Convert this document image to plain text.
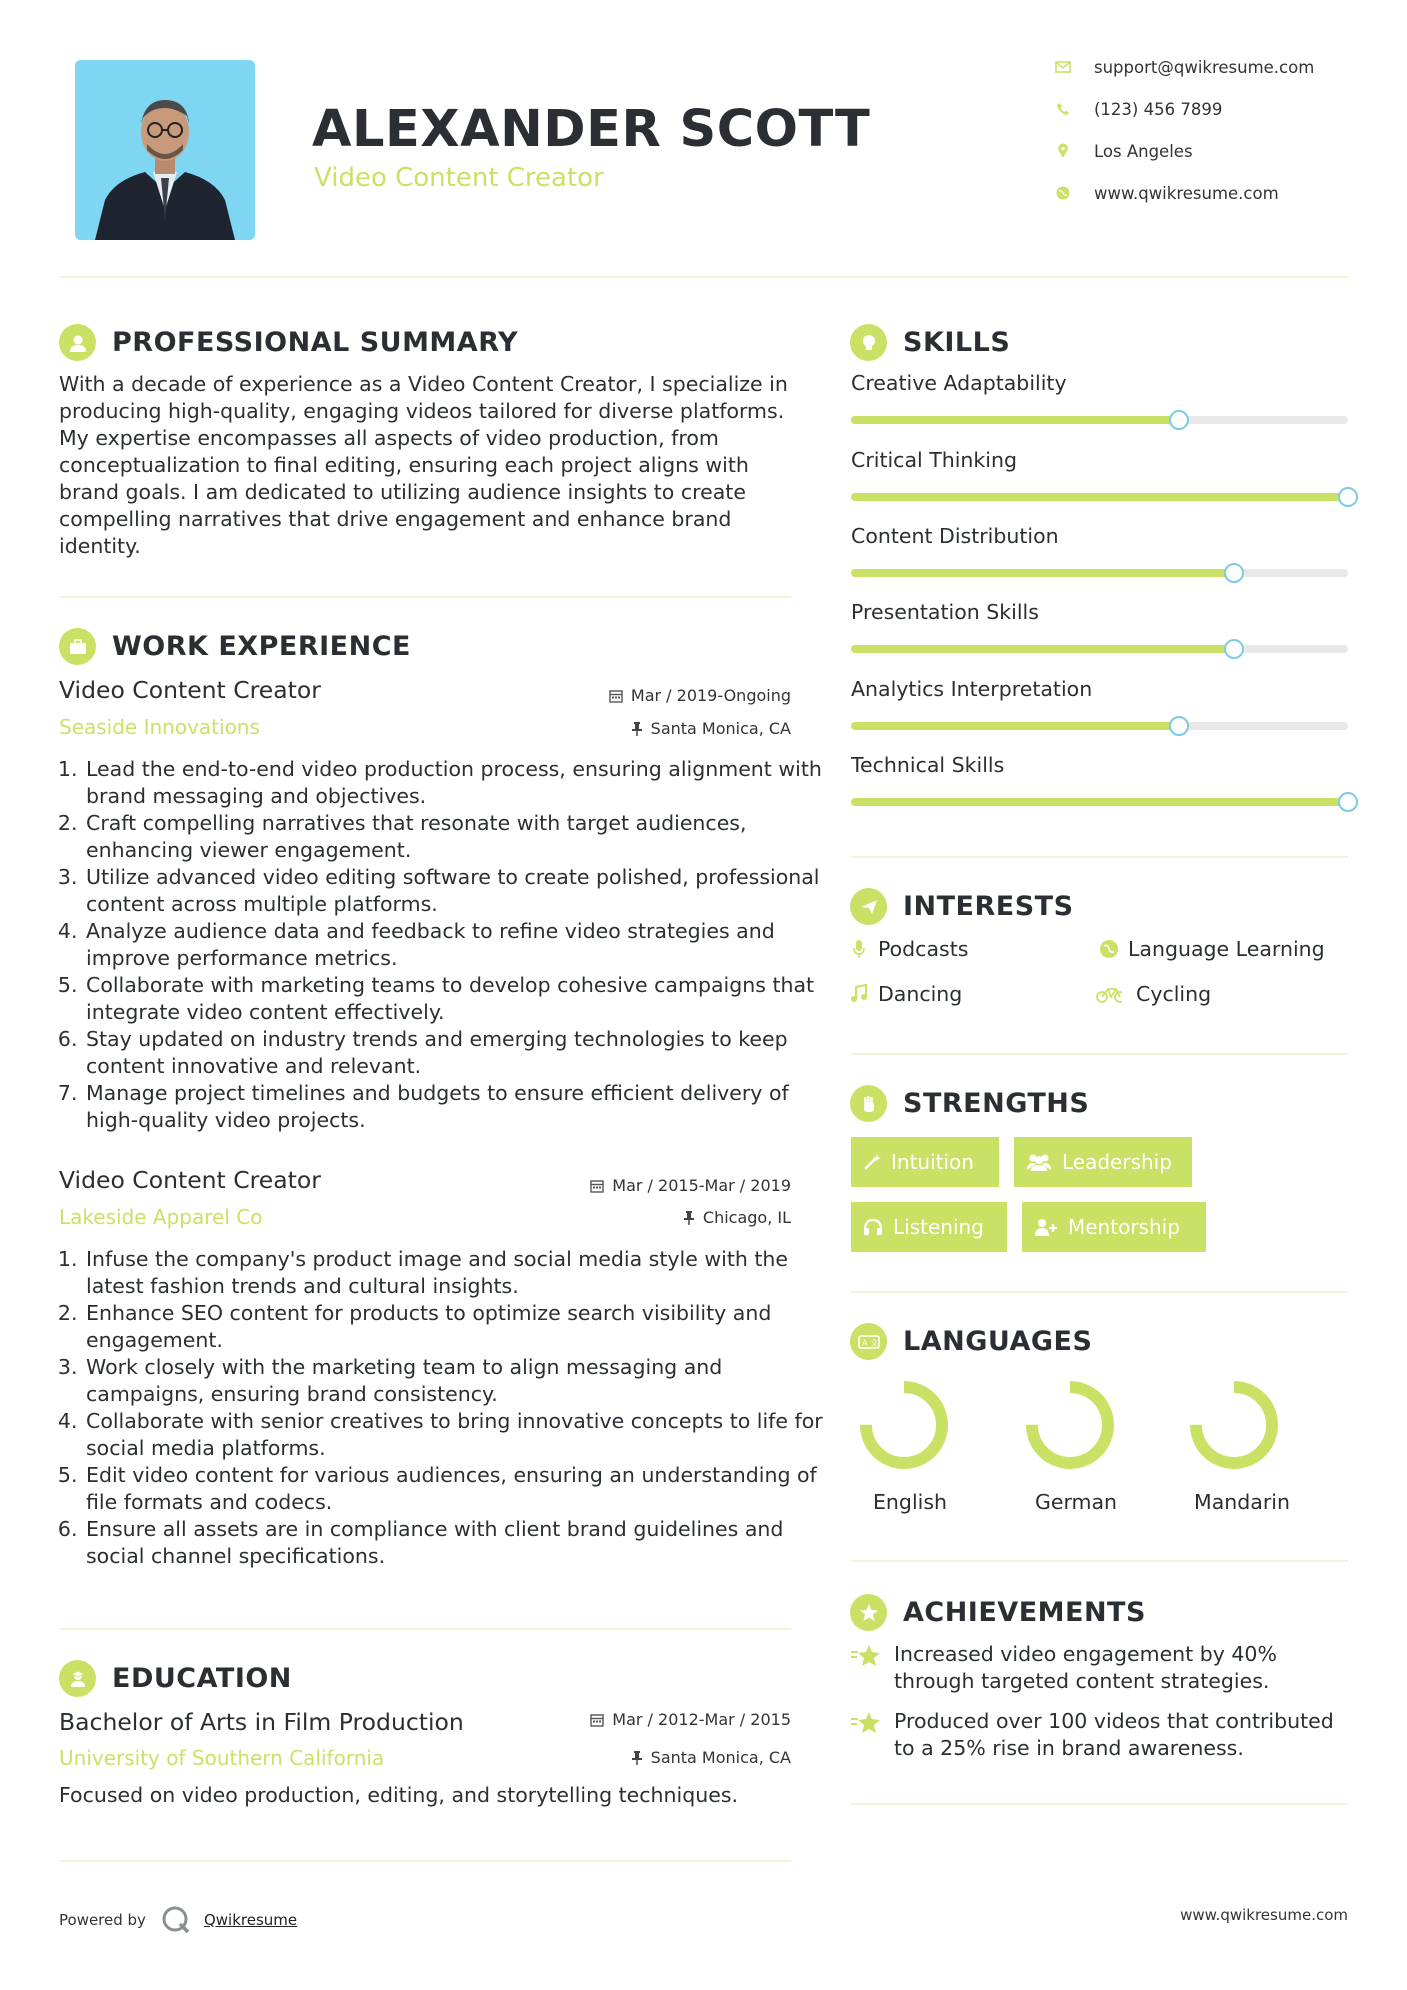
ALEXANDER SCOTT
Video Content Creator
support@qwikresume.com
(123) 456 7899
Los Angeles
www.qwikresume.com
PROFESSIONAL SUMMARY
With a decade of experience as a Video Content Creator, I specialize in producing high-quality, engaging videos tailored for diverse platforms. My expertise encompasses all aspects of video production, from conceptualization to final editing, ensuring each project aligns with brand goals. I am dedicated to utilizing audience insights to create compelling narratives that drive engagement and enhance brand identity.
WORK EXPERIENCE
Video Content Creator	Mar / 2019-Ongoing
Seaside Innovations	Santa Monica, CA
1. Lead the end-to-end video production process, ensuring alignment with brand messaging and objectives.
2. Craft compelling narratives that resonate with target audiences, enhancing viewer engagement.
3. Utilize advanced video editing software to create polished, professional content across multiple platforms.
4. Analyze audience data and feedback to refine video strategies and improve performance metrics.
5. Collaborate with marketing teams to develop cohesive campaigns that integrate video content effectively.
6. Stay updated on industry trends and emerging technologies to keep content innovative and relevant.
7. Manage project timelines and budgets to ensure efficient delivery of high-quality video projects.
Video Content Creator	Mar / 2015-Mar / 2019
Lakeside Apparel Co	Chicago, IL
1. Infuse the company's product image and social media style with the latest fashion trends and cultural insights.
2. Enhance SEO content for products to optimize search visibility and engagement.
3. Work closely with the marketing team to align messaging and campaigns, ensuring brand consistency.
4. Collaborate with senior creatives to bring innovative concepts to life for social media platforms.
5. Edit video content for various audiences, ensuring an understanding of file formats and codecs.
6. Ensure all assets are in compliance with client brand guidelines and social channel specifications.
EDUCATION
Bachelor of Arts in Film Production	Mar / 2012-Mar / 2015
University of Southern California	Santa Monica, CA
Focused on video production, editing, and storytelling techniques.
SKILLS
Creative Adaptability
Critical Thinking
Content Distribution
Presentation Skills
Analytics Interpretation
Technical Skills
INTERESTS
Podcasts	Language Learning
Dancing	Cycling
STRENGTHS
Intuition	Leadership
Listening	Mentorship
A 文 LANGUAGES
English	German	Mandarin
ACHIEVEMENTS
Increased video engagement by 40% through targeted content strategies.
Produced over 100 videos that contributed to a 25% rise in brand awareness.
Powered by	Qwikresume	www.qwikresume.com
